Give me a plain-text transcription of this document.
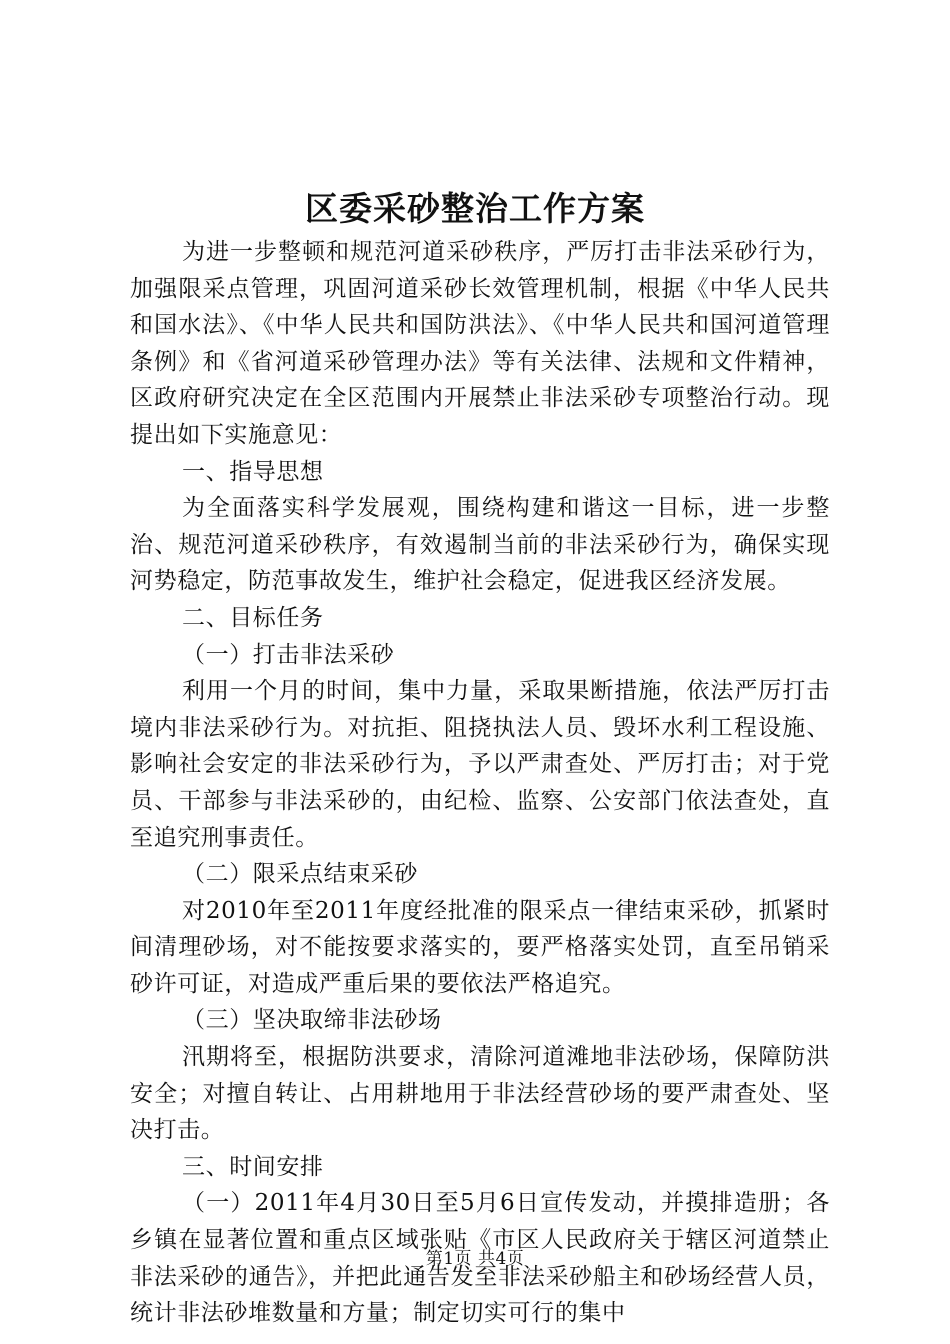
区委采砂整治工作方案

为进一步整顿和规范河道采砂秩序，严厉打击非法采砂行为，加强限采点管理，巩固河道采砂长效管理机制，根据《中华人民共和国水法》、《中华人民共和国防洪法》、《中华人民共和国河道管理条例》和《省河道采砂管理办法》等有关法律、法规和文件精神，区政府研究决定在全区范围内开展禁止非法采砂专项整治行动。现提出如下实施意见：

一、指导思想

为全面落实科学发展观，围绕构建和谐这一目标，进一步整治、规范河道采砂秩序，有效遏制当前的非法采砂行为，确保实现河势稳定，防范事故发生，维护社会稳定，促进我区经济发展。

二、目标任务

（一）打击非法采砂

利用一个月的时间，集中力量，采取果断措施，依法严厉打击境内非法采砂行为。对抗拒、阻挠执法人员、毁坏水利工程设施、影响社会安定的非法采砂行为，予以严肃查处、严厉打击；对于党员、干部参与非法采砂的，由纪检、监察、公安部门依法查处，直至追究刑事责任。

（二）限采点结束采砂

对2010年至2011年度经批准的限采点一律结束采砂，抓紧时间清理砂场，对不能按要求落实的，要严格落实处罚，直至吊销采砂许可证，对造成严重后果的要依法严格追究。

（三）坚决取缔非法砂场

汛期将至，根据防洪要求，清除河道滩地非法砂场，保障防洪安全；对擅自转让、占用耕地用于非法经营砂场的要严肃查处、坚决打击。

三、时间安排

（一）2011年4月30日至5月6日宣传发动，并摸排造册；各乡镇在显著位置和重点区域张贴《市区人民政府关于辖区河道禁止非法采砂的通告》，并把此通告发至非法采砂船主和砂场经营人员，统计非法砂堆数量和方量；制定切实可行的集中

第1页 共4页
